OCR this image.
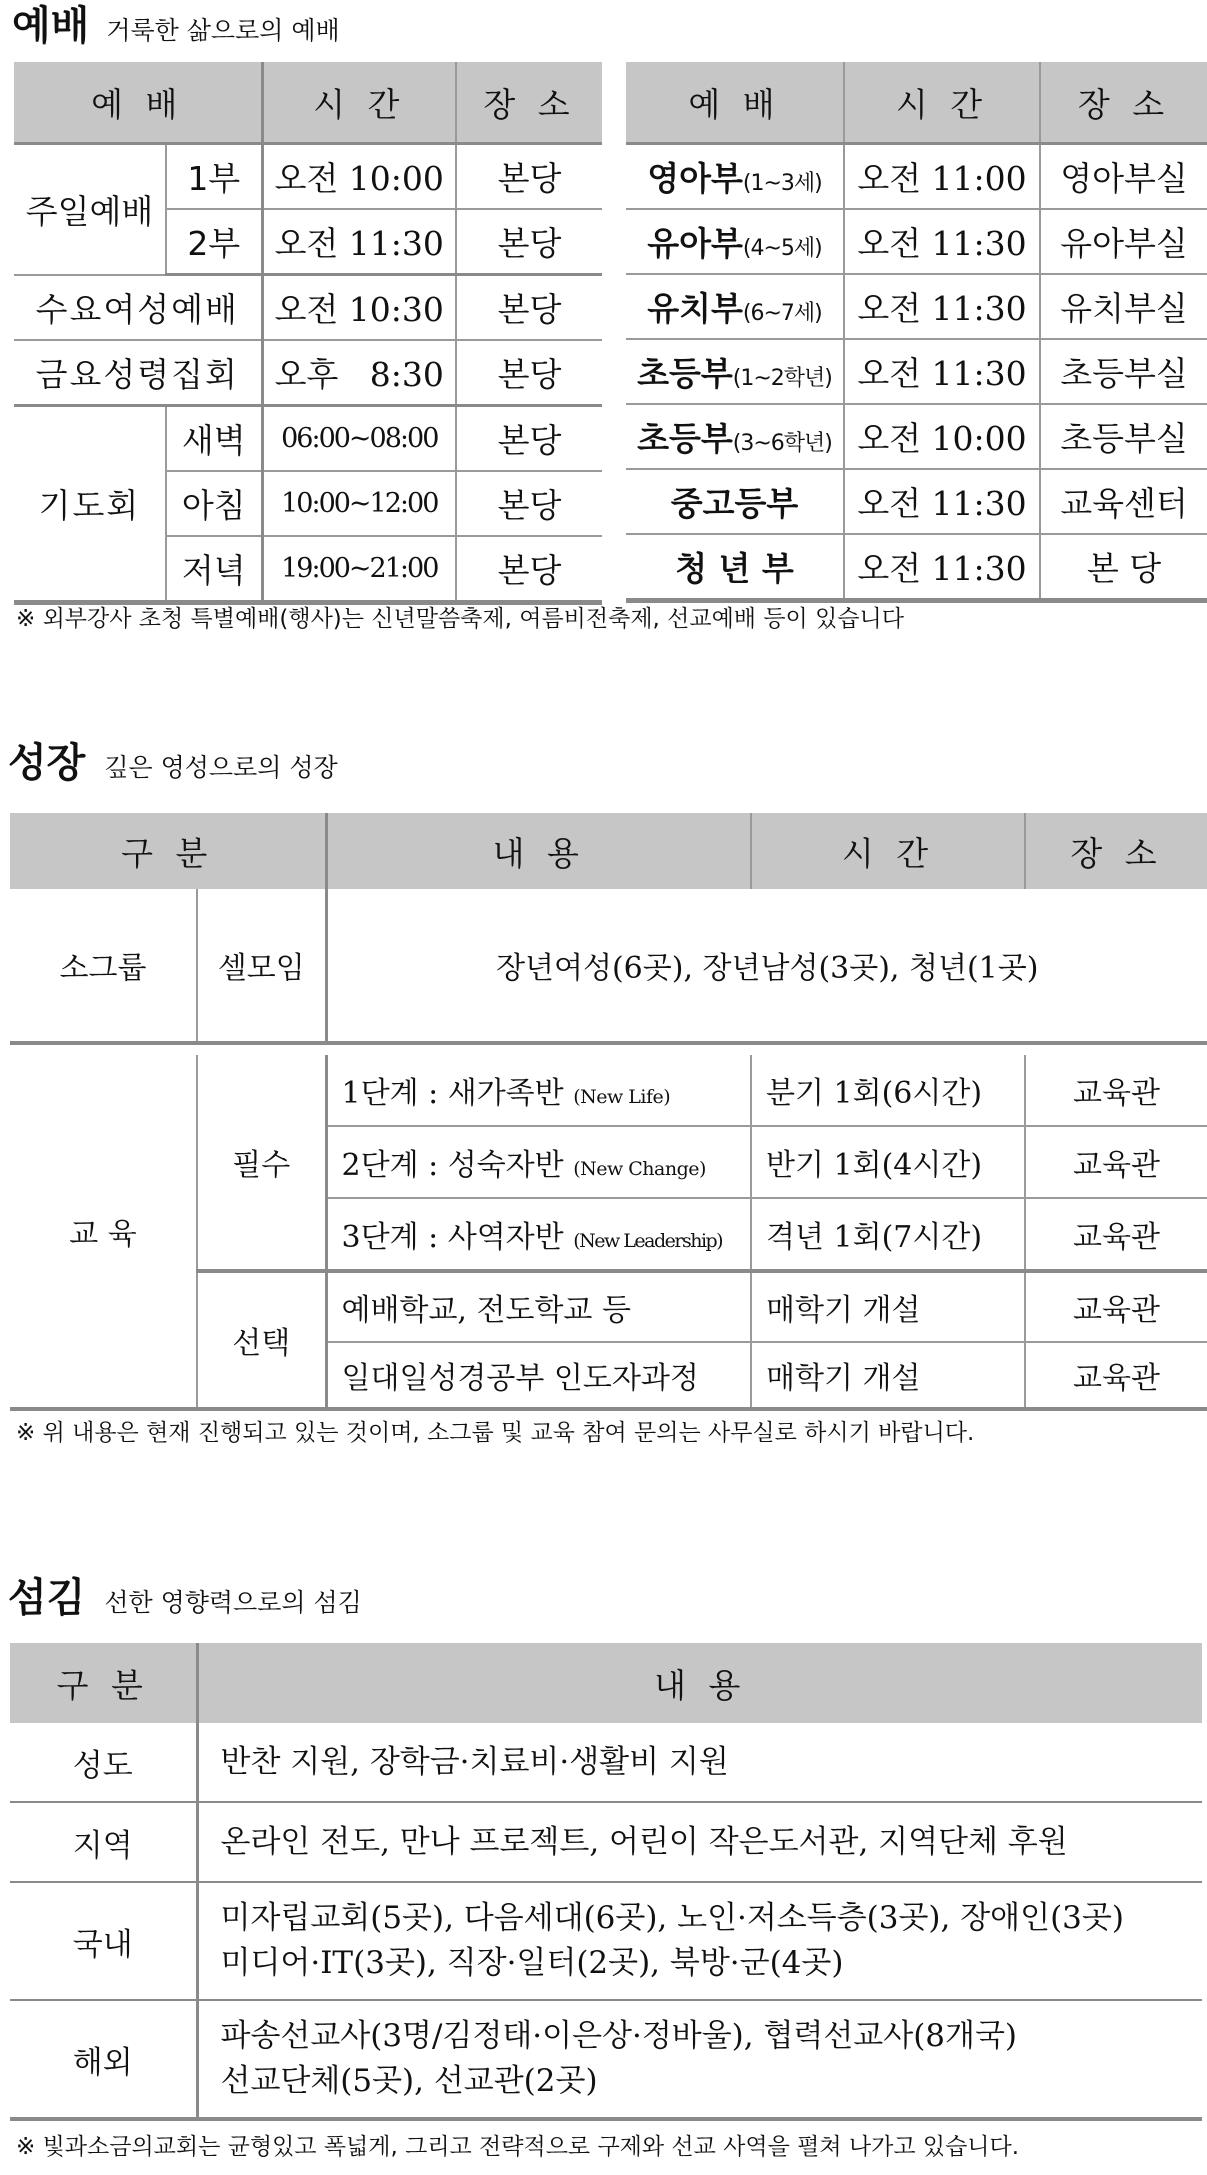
예배 거룩한 삶으로의 예배
예 배		시 간	장 소
주일예배	1부	오전 10:00	본당
	2부	오전 11:30	본당
수요여성예배		오전 10:30	본당
금요성령집회		오후   8:30	본당
기도회	새벽	06:00~08:00	본당
	아침	10:00~12:00	본당
	저녁	19:00~21:00	본당
예 배	시 간	장 소
영아부(1~3세)	오전 11:00	영아부실
유아부(4~5세)	오전 11:30	유아부실
유치부(6~7세)	오전 11:30	유치부실
초등부(1~2학년)	오전 11:30	초등부실
초등부(3~6학년)	오전 10:00	초등부실
중고등부	오전 11:30	교육센터
청 년 부	오전 11:30	본 당
※ 외부강사 초청 특별예배(행사)는 신년말씀축제, 여름비전축제, 선교예배 등이 있습니다
성장 깊은 영성으로의 성장
구 분		내 용	시 간	장 소
소그룹	셀모임	장년여성(6곳), 장년남성(3곳), 청년(1곳)		

교 육	필수	1단계 : 새가족반 (New Life)	분기 1회(6시간)	교육관
		2단계 : 성숙자반 (New Change)	반기 1회(4시간)	교육관
		3단계 : 사역자반 (New Leadership)	격년 1회(7시간)	교육관
	선택	예배학교, 전도학교 등	매학기 개설	교육관
		일대일성경공부 인도자과정	매학기 개설	교육관
※ 위 내용은 현재 진행되고 있는 것이며, 소그룹 및 교육 참여 문의는 사무실로 하시기 바랍니다.
섬김 선한 영향력으로의 섬김
구 분	내 용
성도	반찬 지원, 장학금·치료비·생활비 지원

지역	온라인 전도, 만나 프로젝트, 어린이 작은도서관, 지역단체 후원

국내	미자립교회(5곳), 다음세대(6곳), 노인·저소득층(3곳), 장애인(3곳)
미디어·IT(3곳), 직장·일터(2곳), 북방·군(4곳)

해외	파송선교사(3명/김정태·이은상·정바울), 협력선교사(8개국)
선교단체(5곳), 선교관(2곳)
※ 빛과소금의교회는 균형있고 폭넓게, 그리고 전략적으로 구제와 선교 사역을 펼쳐 나가고 있습니다.
